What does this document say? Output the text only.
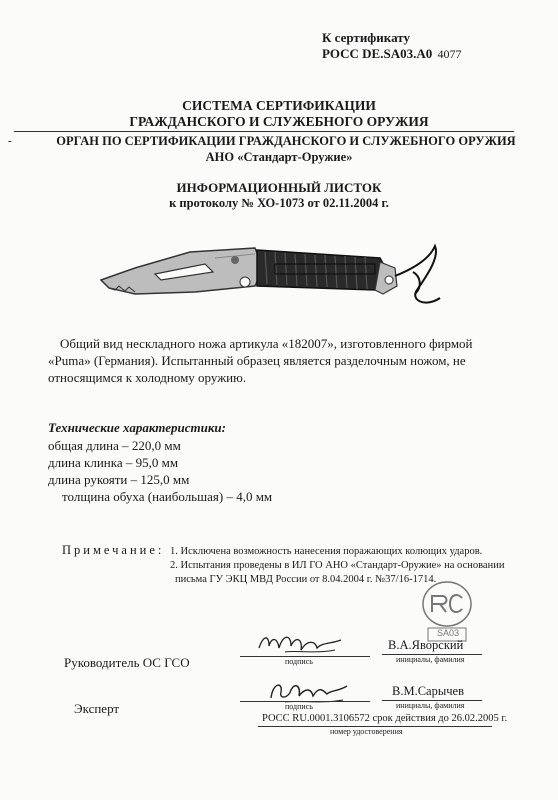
К сертификату
РОСС DE.SA03.A0 4077
СИСТЕМА СЕРТИФИКАЦИИ
ГРАЖДАНСКОГО И СЛУЖЕБНОГО ОРУЖИЯ
-	ОРГАН ПО СЕРТИФИКАЦИИ ГРАЖДАНСКОГО И СЛУЖЕБНОГО ОРУЖИЯ
АНО «Стандарт-Оружие»
ИНФОРМАЦИОННЫЙ ЛИСТОК
к протоколу № ХО-1073 от 02.11.2004 г.
Общий вид нескладного ножа артикула «182007», изготовленного фирмой
«Puma» (Германия). Испытанный образец является разделочным ножом, не
относящимся к холодному оружию.
Технические характеристики:
общая длина – 220,0 мм
длина клинка – 95,0 мм
длина рукояти – 125,0 мм
толщина обуха (наибольшая) – 4,0 мм
Примечание: 1. Исключена возможность нанесения поражающих колющих ударов.
2. Испытания проведены в ИЛ ГО АНО «Стандарт-Оружие» на основании
письма ГУ ЭКЦ МВД России от 8.04.2004 г. №37/16-1714.
SA03
Руководитель ОС ГСО	подпись
В.А.Яворский
инициалы, фамилия
Эксперт	подпись
В.М.Сарычев
инициалы, фамилия
РОСС RU.0001.3106572 срок действия до 26.02.2005 г.
номер удостоверения
